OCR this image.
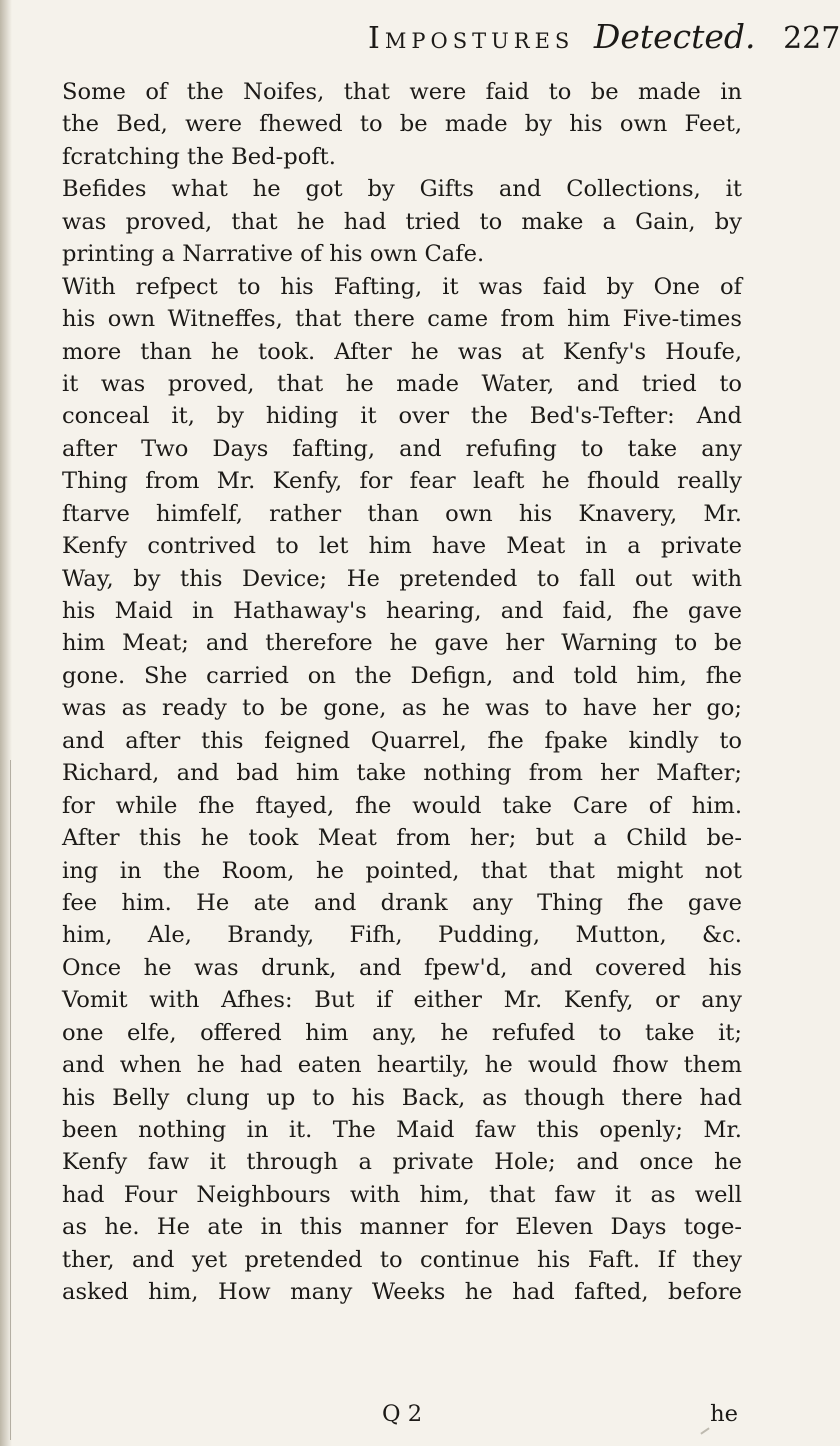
Impostures Detected. 227
Some of the Noifes, that were faid to be made in
the Bed, were fhewed to be made by his own Feet,
fcratching the Bed-poft.
Befides what he got by Gifts and Collections, it
was proved, that he had tried to make a Gain, by
printing a Narrative of his own Cafe.
With refpect to his Fafting, it was faid by One of
his own Witneffes, that there came from him Five-times
more than he took. After he was at Kenfy's Houfe,
it was proved, that he made Water, and tried to
conceal it, by hiding it over the Bed's-Tefter: And
after Two Days fafting, and refufing to take any
Thing from Mr. Kenfy, for fear leaft he fhould really
ftarve himfelf, rather than own his Knavery, Mr.
Kenfy contrived to let him have Meat in a private
Way, by this Device; He pretended to fall out with
his Maid in Hathaway's hearing, and faid, fhe gave
him Meat; and therefore he gave her Warning to be
gone. She carried on the Defign, and told him, fhe
was as ready to be gone, as he was to have her go;
and after this feigned Quarrel, fhe fpake kindly to
Richard, and bad him take nothing from her Mafter;
for while fhe ftayed, fhe would take Care of him.
After this he took Meat from her; but a Child be-
ing in the Room, he pointed, that that might not
fee him. He ate and drank any Thing fhe gave
him, Ale, Brandy, Fifh, Pudding, Mutton, &c.
Once he was drunk, and fpew'd, and covered his
Vomit with Afhes: But if either Mr. Kenfy, or any
one elfe, offered him any, he refufed to take it;
and when he had eaten heartily, he would fhow them
his Belly clung up to his Back, as though there had
been nothing in it. The Maid faw this openly; Mr.
Kenfy faw it through a private Hole; and once he
had Four Neighbours with him, that faw it as well
as he. He ate in this manner for Eleven Days toge-
ther, and yet pretended to continue his Faft. If they
asked him, How many Weeks he had fafted, before
Q 2	he
